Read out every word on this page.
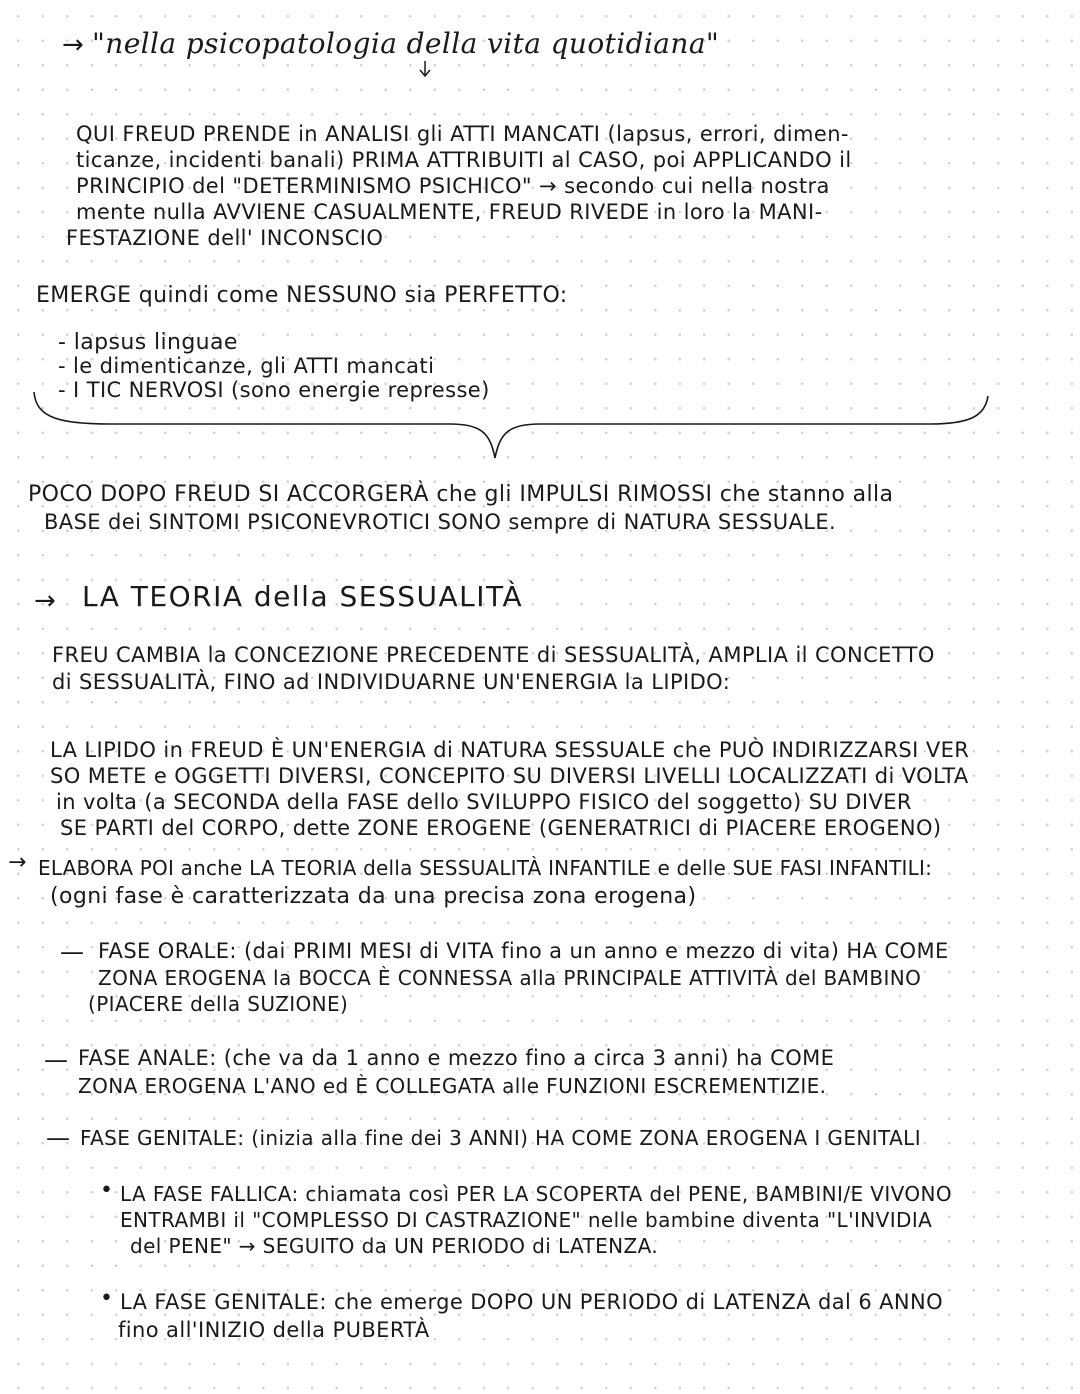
→ "nella psicopatologia della vita quotidiana"
QUI FREUD PRENDE in ANALISI gli ATTI MANCATI (lapsus, errori, dimen-
ticanze, incidenti banali) PRIMA ATTRIBUITI al CASO, poi APPLICANDO il
PRINCIPIO del "DETERMINISMO PSICHICO" → secondo cui nella nostra
mente nulla AVVIENE CASUALMENTE, FREUD RIVEDE in loro la MANI-
FESTAZIONE dell' INCONSCIO
EMERGE quindi come NESSUNO sia PERFETTO:
- lapsus linguae
- le dimenticanze, gli ATTI mancati
- I TIC NERVOSI (sono energie represse)
POCO DOPO FREUD SI ACCORGERÀ che gli IMPULSI RIMOSSI che stanno alla
BASE dei SINTOMI PSICONEVROTICI SONO sempre di NATURA SESSUALE.
→ LA TEORIA della SESSUALITÀ
FREU CAMBIA la CONCEZIONE PRECEDENTE di SESSUALITÀ, AMPLIA il CONCETTO
di SESSUALITÀ, FINO ad INDIVIDUARNE UN'ENERGIA la LIPIDO:
LA LIPIDO in FREUD È UN'ENERGIA di NATURA SESSUALE che PUÒ INDIRIZZARSI VER
SO METE e OGGETTI DIVERSI, CONCEPITO SU DIVERSI LIVELLI LOCALIZZATI di VOLTA
in volta (a SECONDA della FASE dello SVILUPPO FISICO del soggetto) SU DIVER
SE PARTI del CORPO, dette ZONE EROGENE (GENERATRICI di PIACERE EROGENO)
→ ELABORA POI anche LA TEORIA della SESSUALITÀ INFANTILE e delle SUE FASI INFANTILI:
(ogni fase è caratterizzata da una precisa zona erogena)
— FASE ORALE: (dai PRIMI MESI di VITA fino a un anno e mezzo di vita) HA COME
ZONA EROGENA la BOCCA È CONNESSA alla PRINCIPALE ATTIVITÀ del BAMBINO
(PIACERE della SUZIONE)
— FASE ANALE: (che va da 1 anno e mezzo fino a circa 3 anni) ha COME
ZONA EROGENA L'ANO ed È COLLEGATA alle FUNZIONI ESCREMENTIZIE.
— FASE GENITALE: (inizia alla fine dei 3 ANNI) HA COME ZONA EROGENA I GENITALI
• LA FASE FALLICA: chiamata così PER LA SCOPERTA del PENE, BAMBINI/E VIVONO
ENTRAMBI il "COMPLESSO DI CASTRAZIONE" nelle bambine diventa "L'INVIDIA
del PENE" → SEGUITO da UN PERIODO di LATENZA.
• LA FASE GENITALE: che emerge DOPO UN PERIODO di LATENZA dal 6 ANNO
fino all'INIZIO della PUBERTÀ
